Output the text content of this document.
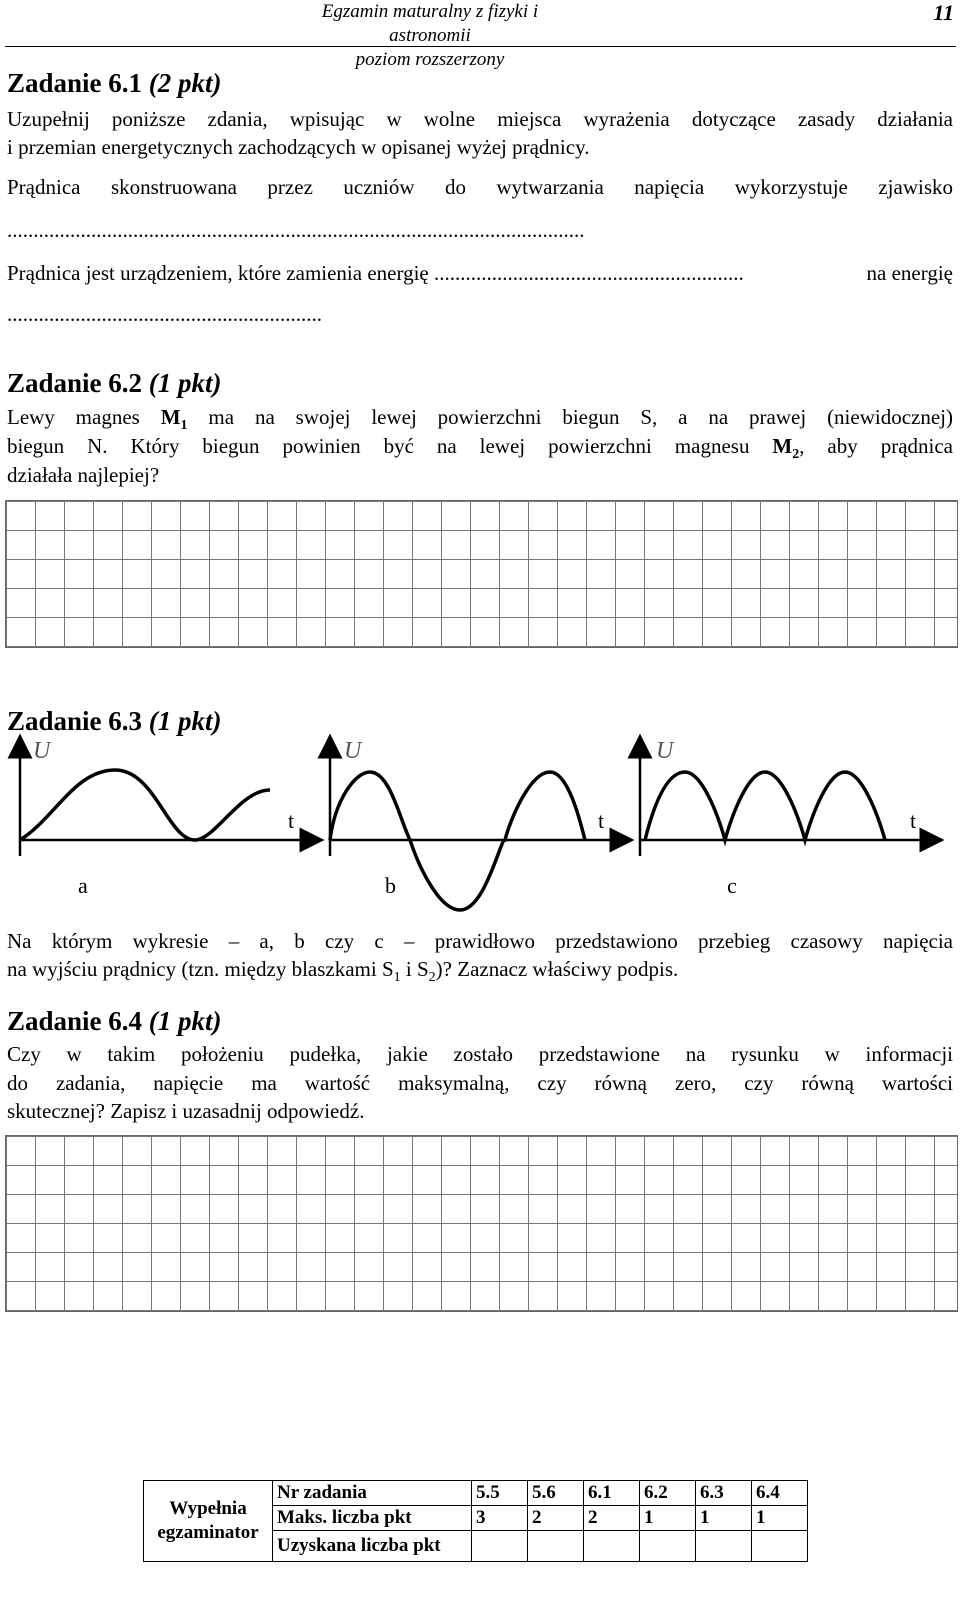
Egzamin maturalny z fizyki i astronomii
poziom rozszerzony
11
Zadanie 6.1 (2 pkt)
Uzupełnij poniższe zdania, wpisując w wolne miejsca wyrażenia dotyczące zasady działania
i przemian energetycznych zachodzących w opisanej wyżej prądnicy.
Prądnica skonstruowana przez uczniów do wytwarzania napięcia wykorzystuje zjawisko
..............................................................................................................
Prądnica jest urządzeniem, które zamienia energię ...........................................................	na energię
............................................................
Zadanie 6.2 (1 pkt)
Lewy magnes $M_1$ ma na swojej lewej powierzchni biegun S, a na prawej (niewidocznej)
biegun N. Który biegun powinien być na lewej powierzchni magnesu $M_2$, aby prądnica
działała najlepiej?
Zadanie 6.3 (1 pkt)
U	U	U
t	t	t
a	b	c
Na którym wykresie – a, b czy c – prawidłowo przedstawiono przebieg czasowy napięcia
na wyjściu prądnicy (tzn. między blaszkami $S_1$ i $S_2$)? Zaznacz właściwy podpis.
Zadanie 6.4 (1 pkt)
Czy w takim położeniu pudełka, jakie zostało przedstawione na rysunku w informacji
do zadania, napięcie ma wartość maksymalną, czy równą zero, czy równą wartości
skutecznej? Zapisz i uzasadnij odpowiedź.
Wypełnia
egzaminator	Nr zadania	5.5	5.6	6.1	6.2	6.3	6.4
	Maks. liczba pkt	3	2	2	1	1	1
	Uzyskana liczba pkt						
